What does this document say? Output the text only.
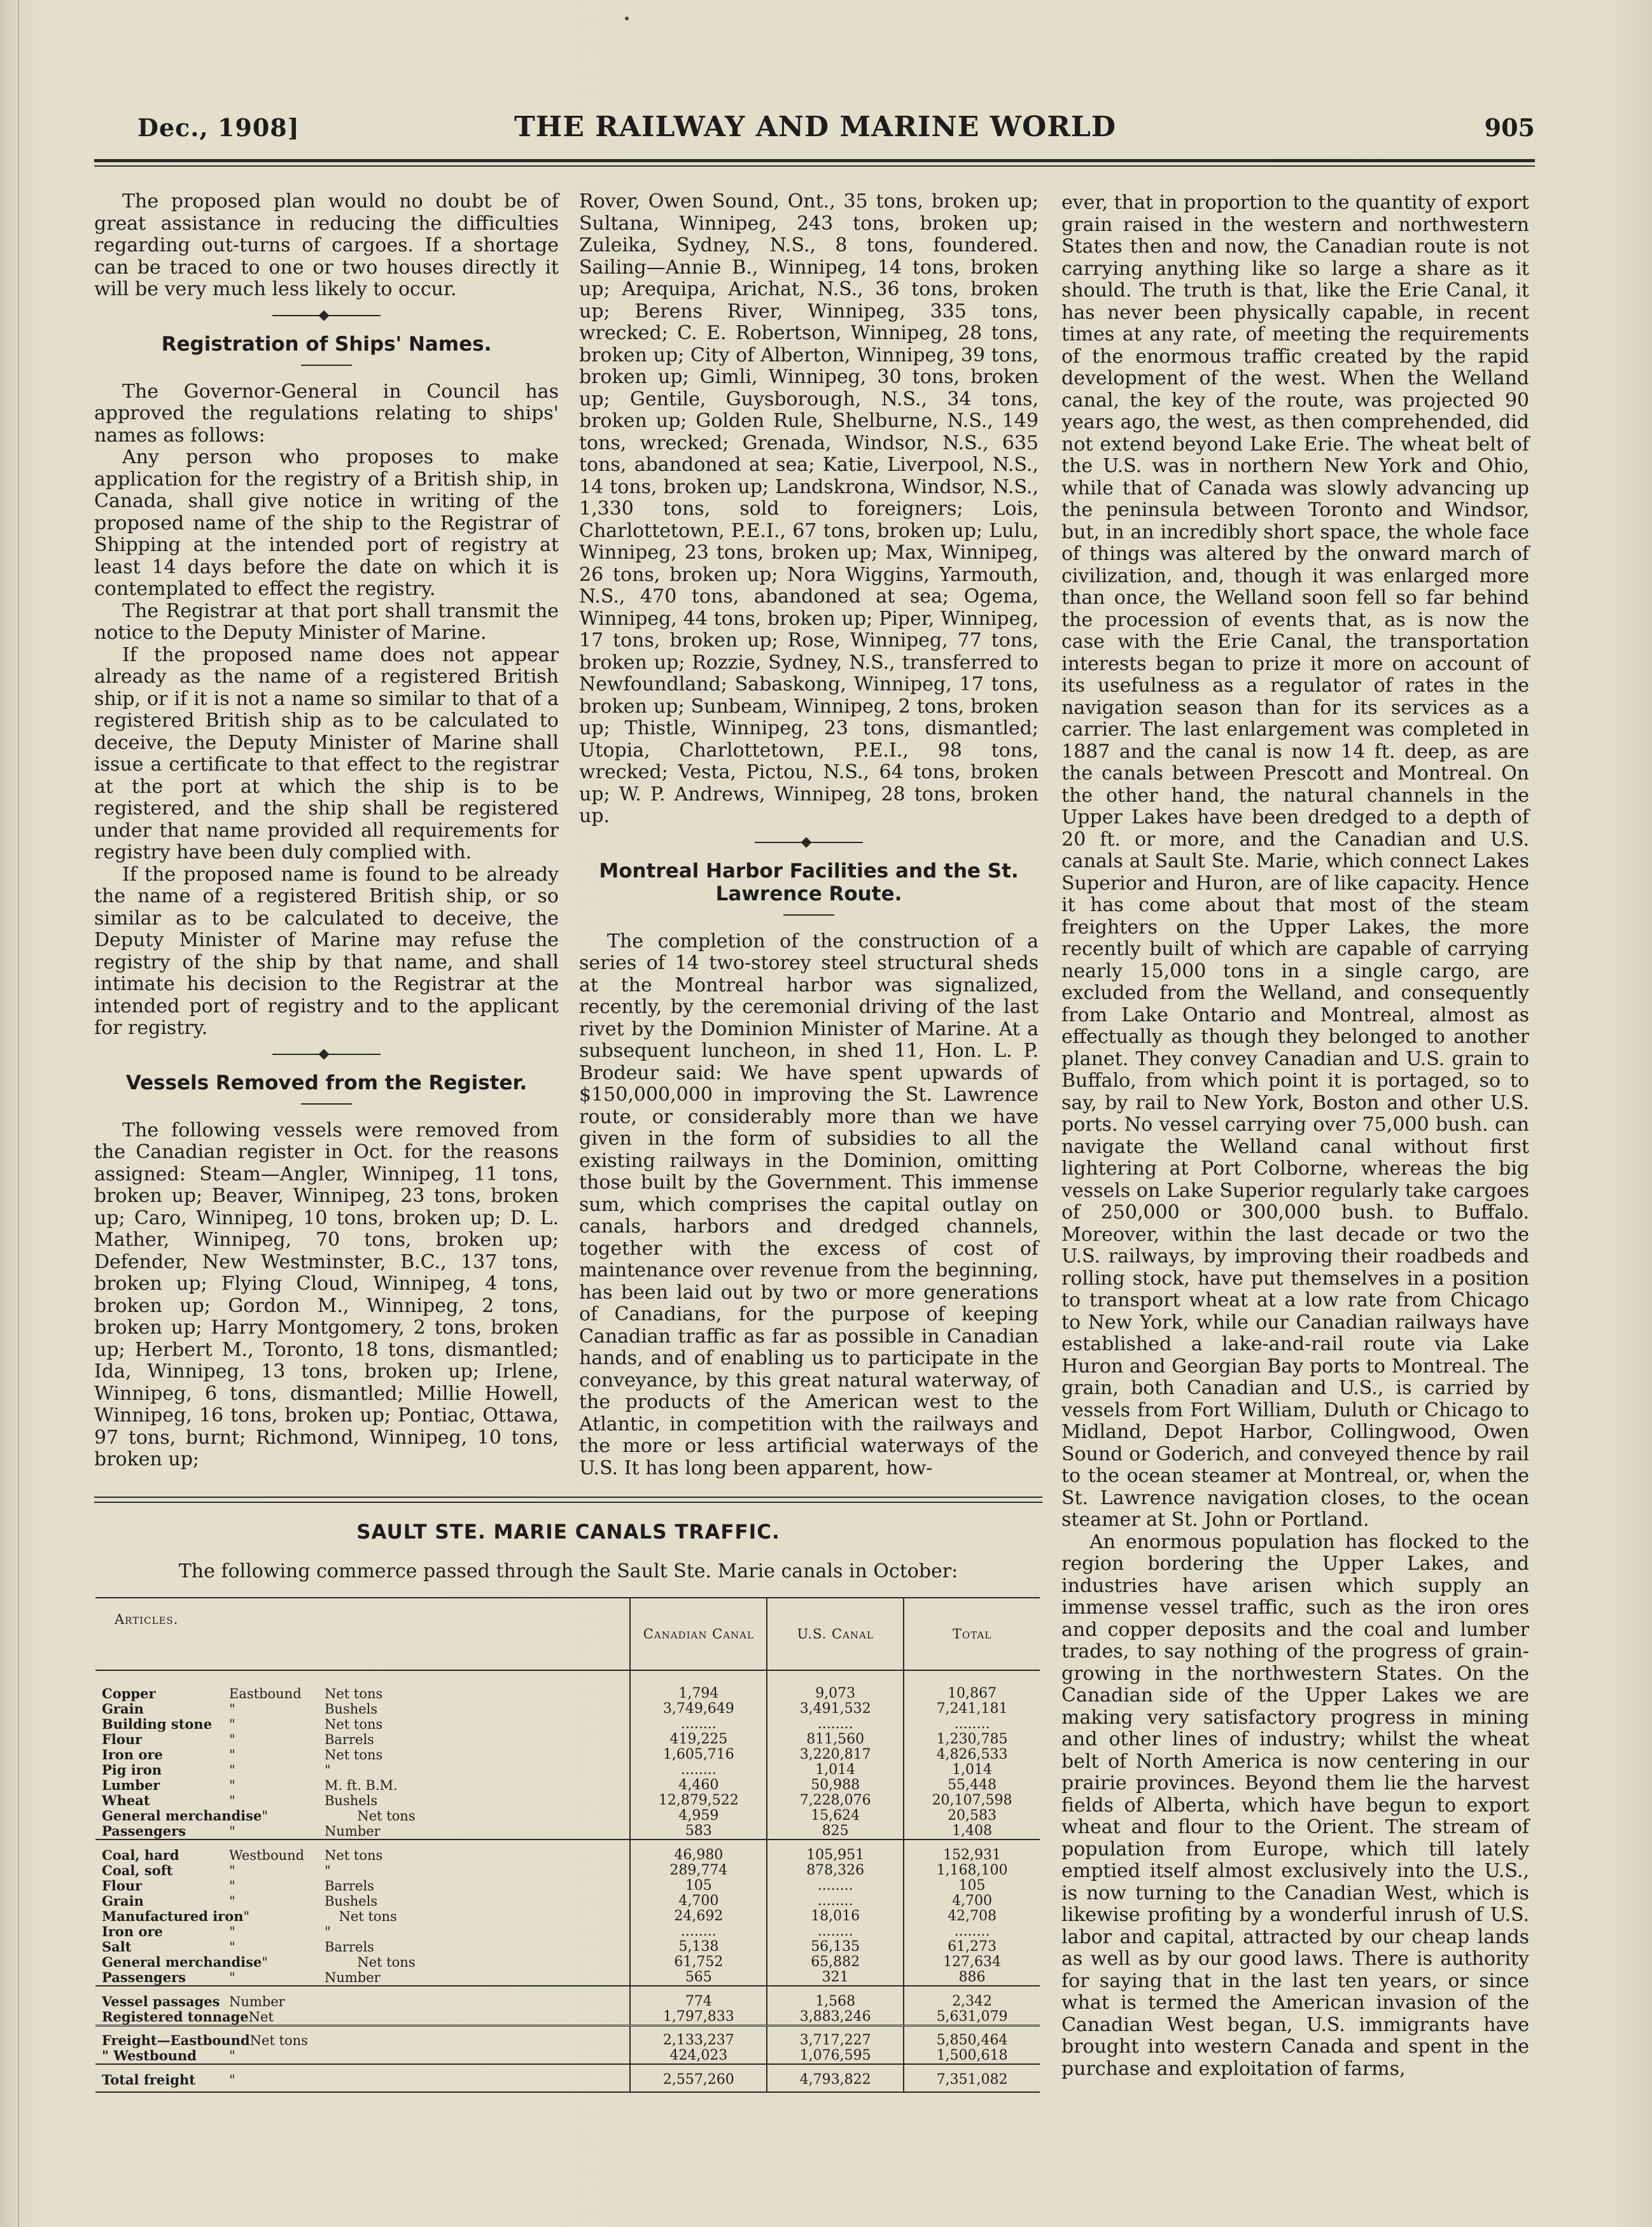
Dec., 1908]	THE RAILWAY AND MARINE WORLD	905

The proposed plan would no doubt be of great assistance in reducing the difficulties regarding out-turns of cargoes. If a shortage can be traced to one or two houses directly it will be very much less likely to occur.

Registration of Ships' Names.

The Governor-General in Council has approved the regulations relating to ships' names as follows:

Any person who proposes to make application for the registry of a British ship, in Canada, shall give notice in writing of the proposed name of the ship to the Registrar of Shipping at the intended port of registry at least 14 days before the date on which it is contemplated to effect the registry.

The Registrar at that port shall transmit the notice to the Deputy Minister of Marine.

If the proposed name does not appear already as the name of a registered British ship, or if it is not a name so similar to that of a registered British ship as to be calculated to deceive, the Deputy Minister of Marine shall issue a certificate to that effect to the registrar at the port at which the ship is to be registered, and the ship shall be registered under that name provided all requirements for registry have been duly complied with.

If the proposed name is found to be already the name of a registered British ship, or so similar as to be calculated to deceive, the Deputy Minister of Marine may refuse the registry of the ship by that name, and shall intimate his decision to the Registrar at the intended port of registry and to the applicant for registry.

Vessels Removed from the Register.

The following vessels were removed from the Canadian register in Oct. for the reasons assigned: Steam—Angler, Winnipeg, 11 tons, broken up; Beaver, Winnipeg, 23 tons, broken up; Caro, Winnipeg, 10 tons, broken up; D. L. Mather, Winnipeg, 70 tons, broken up; Defender, New Westminster, B.C., 137 tons, broken up; Flying Cloud, Winnipeg, 4 tons, broken up; Gordon M., Winnipeg, 2 tons, broken up; Harry Montgomery, 2 tons, broken up; Herbert M., Toronto, 18 tons, dismantled; Ida, Winnipeg, 13 tons, broken up; Irlene, Winnipeg, 6 tons, dismantled; Millie Howell, Winnipeg, 16 tons, broken up; Pontiac, Ottawa, 97 tons, burnt; Richmond, Winnipeg, 10 tons, broken up;

Rover, Owen Sound, Ont., 35 tons, broken up; Sultana, Winnipeg, 243 tons, broken up; Zuleika, Sydney, N.S., 8 tons, foundered. Sailing—Annie B., Winnipeg, 14 tons, broken up; Arequipa, Arichat, N.S., 36 tons, broken up; Berens River, Winnipeg, 335 tons, wrecked; C. E. Robertson, Winnipeg, 28 tons, broken up; City of Alberton, Winnipeg, 39 tons, broken up; Gimli, Winnipeg, 30 tons, broken up; Gentile, Guysborough, N.S., 34 tons, broken up; Golden Rule, Shelburne, N.S., 149 tons, wrecked; Grenada, Windsor, N.S., 635 tons, abandoned at sea; Katie, Liverpool, N.S., 14 tons, broken up; Landskrona, Windsor, N.S., 1,330 tons, sold to foreigners; Lois, Charlottetown, P.E.I., 67 tons, broken up; Lulu, Winnipeg, 23 tons, broken up; Max, Winnipeg, 26 tons, broken up; Nora Wiggins, Yarmouth, N.S., 470 tons, abandoned at sea; Ogema, Winnipeg, 44 tons, broken up; Piper, Winnipeg, 17 tons, broken up; Rose, Winnipeg, 77 tons, broken up; Rozzie, Sydney, N.S., transferred to Newfoundland; Sabaskong, Winnipeg, 17 tons, broken up; Sunbeam, Winnipeg, 2 tons, broken up; Thistle, Winnipeg, 23 tons, dismantled; Utopia, Charlottetown, P.E.I., 98 tons, wrecked; Vesta, Pictou, N.S., 64 tons, broken up; W. P. Andrews, Winnipeg, 28 tons, broken up.

Montreal Harbor Facilities and the St. Lawrence Route.

The completion of the construction of a series of 14 two-storey steel structural sheds at the Montreal harbor was signalized, recently, by the ceremonial driving of the last rivet by the Dominion Minister of Marine. At a subsequent luncheon, in shed 11, Hon. L. P. Brodeur said: We have spent upwards of $150,000,000 in improving the St. Lawrence route, or considerably more than we have given in the form of subsidies to all the existing railways in the Dominion, omitting those built by the Government. This immense sum, which comprises the capital outlay on canals, harbors and dredged channels, together with the excess of cost of maintenance over revenue from the beginning, has been laid out by two or more generations of Canadians, for the purpose of keeping Canadian traffic as far as possible in Canadian hands, and of enabling us to participate in the conveyance, by this great natural waterway, of the products of the American west to the Atlantic, in competition with the railways and the more or less artificial waterways of the U.S. It has long been apparent, how-

ever, that in proportion to the quantity of export grain raised in the western and northwestern States then and now, the Canadian route is not carrying anything like so large a share as it should. The truth is that, like the Erie Canal, it has never been physically capable, in recent times at any rate, of meeting the requirements of the enormous traffic created by the rapid development of the west. When the Welland canal, the key of the route, was projected 90 years ago, the west, as then comprehended, did not extend beyond Lake Erie. The wheat belt of the U.S. was in northern New York and Ohio, while that of Canada was slowly advancing up the peninsula between Toronto and Windsor, but, in an incredibly short space, the whole face of things was altered by the onward march of civilization, and, though it was enlarged more than once, the Welland soon fell so far behind the procession of events that, as is now the case with the Erie Canal, the transportation interests began to prize it more on account of its usefulness as a regulator of rates in the navigation season than for its services as a carrier. The last enlargement was completed in 1887 and the canal is now 14 ft. deep, as are the canals between Prescott and Montreal. On the other hand, the natural channels in the Upper Lakes have been dredged to a depth of 20 ft. or more, and the Canadian and U.S. canals at Sault Ste. Marie, which connect Lakes Superior and Huron, are of like capacity. Hence it has come about that most of the steam freighters on the Upper Lakes, the more recently built of which are capable of carrying nearly 15,000 tons in a single cargo, are excluded from the Welland, and consequently from Lake Ontario and Montreal, almost as effectually as though they belonged to another planet. They convey Canadian and U.S. grain to Buffalo, from which point it is portaged, so to say, by rail to New York, Boston and other U.S. ports. No vessel carrying over 75,000 bush. can navigate the Welland canal without first lightering at Port Colborne, whereas the big vessels on Lake Superior regularly take cargoes of 250,000 or 300,000 bush. to Buffalo. Moreover, within the last decade or two the U.S. railways, by improving their roadbeds and rolling stock, have put themselves in a position to transport wheat at a low rate from Chicago to New York, while our Canadian railways have established a lake-and-rail route via Lake Huron and Georgian Bay ports to Montreal. The grain, both Canadian and U.S., is carried by vessels from Fort William, Duluth or Chicago to Midland, Depot Harbor, Collingwood, Owen Sound or Goderich, and conveyed thence by rail to the ocean steamer at Montreal, or, when the St. Lawrence navigation closes, to the ocean steamer at St. John or Portland.

An enormous population has flocked to the region bordering the Upper Lakes, and industries have arisen which supply an immense vessel traffic, such as the iron ores and copper deposits and the coal and lumber trades, to say nothing of the progress of grain-growing in the northwestern States. On the Canadian side of the Upper Lakes we are making very satisfactory progress in mining and other lines of industry; whilst the wheat belt of North America is now centering in our prairie provinces. Beyond them lie the harvest fields of Alberta, which have begun to export wheat and flour to the Orient. The stream of population from Europe, which till lately emptied itself almost exclusively into the U.S., is now turning to the Canadian West, which is likewise profiting by a wonderful inrush of U.S. labor and capital, attracted by our cheap lands as well as by our good laws. There is authority for saying that in the last ten years, or since what is termed the American invasion of the Canadian West began, U.S. immigrants have brought into western Canada and spent in the purchase and exploitation of farms,

SAULT STE. MARIE CANALS TRAFFIC.
The following commerce passed through the Sault Ste. Marie canals in October:
Articles.	Canadian Canal	U.S. Canal	Total

Copper Eastbound Net tons	1,794	9,073	10,867
Grain " Bushels	3,749,649	3,491,532	7,241,181
Building stone " Net tons	........	........	........
Flour " Barrels	419,225	811,560	1,230,785
Iron ore " Net tons	1,605,716	3,220,817	4,826,533
Pig iron " "	........	1,014	1,014
Lumber " M. ft. B.M.	4,460	50,988	55,448
Wheat " Bushels	12,879,522	7,228,076	20,107,598
General merchandise" Net tons	4,959	15,624	20,583
Passengers " Number	583	825	1,408

Coal, hard Westbound Net tons	46,980	105,951	152,931
Coal, soft " "	289,774	878,326	1,168,100
Flour " Barrels	105	........	105
Grain " Bushels	4,700	........	4,700
Manufactured iron" Net tons	24,692	18,016	42,708
Iron ore " "	........	........	........
Salt " Barrels	5,138	56,135	61,273
General merchandise" Net tons	61,752	65,882	127,634
Passengers " Number	565	321	886

Vessel passages Number	774	1,568	2,342
Registered tonnageNet	1,797,833	3,883,246	5,631,079

Freight—EastboundNet tons	2,133,237	3,717,227	5,850,464
" Westbound "	424,023	1,076,595	1,500,618

Total freight "	2,557,260	4,793,822	7,351,082
